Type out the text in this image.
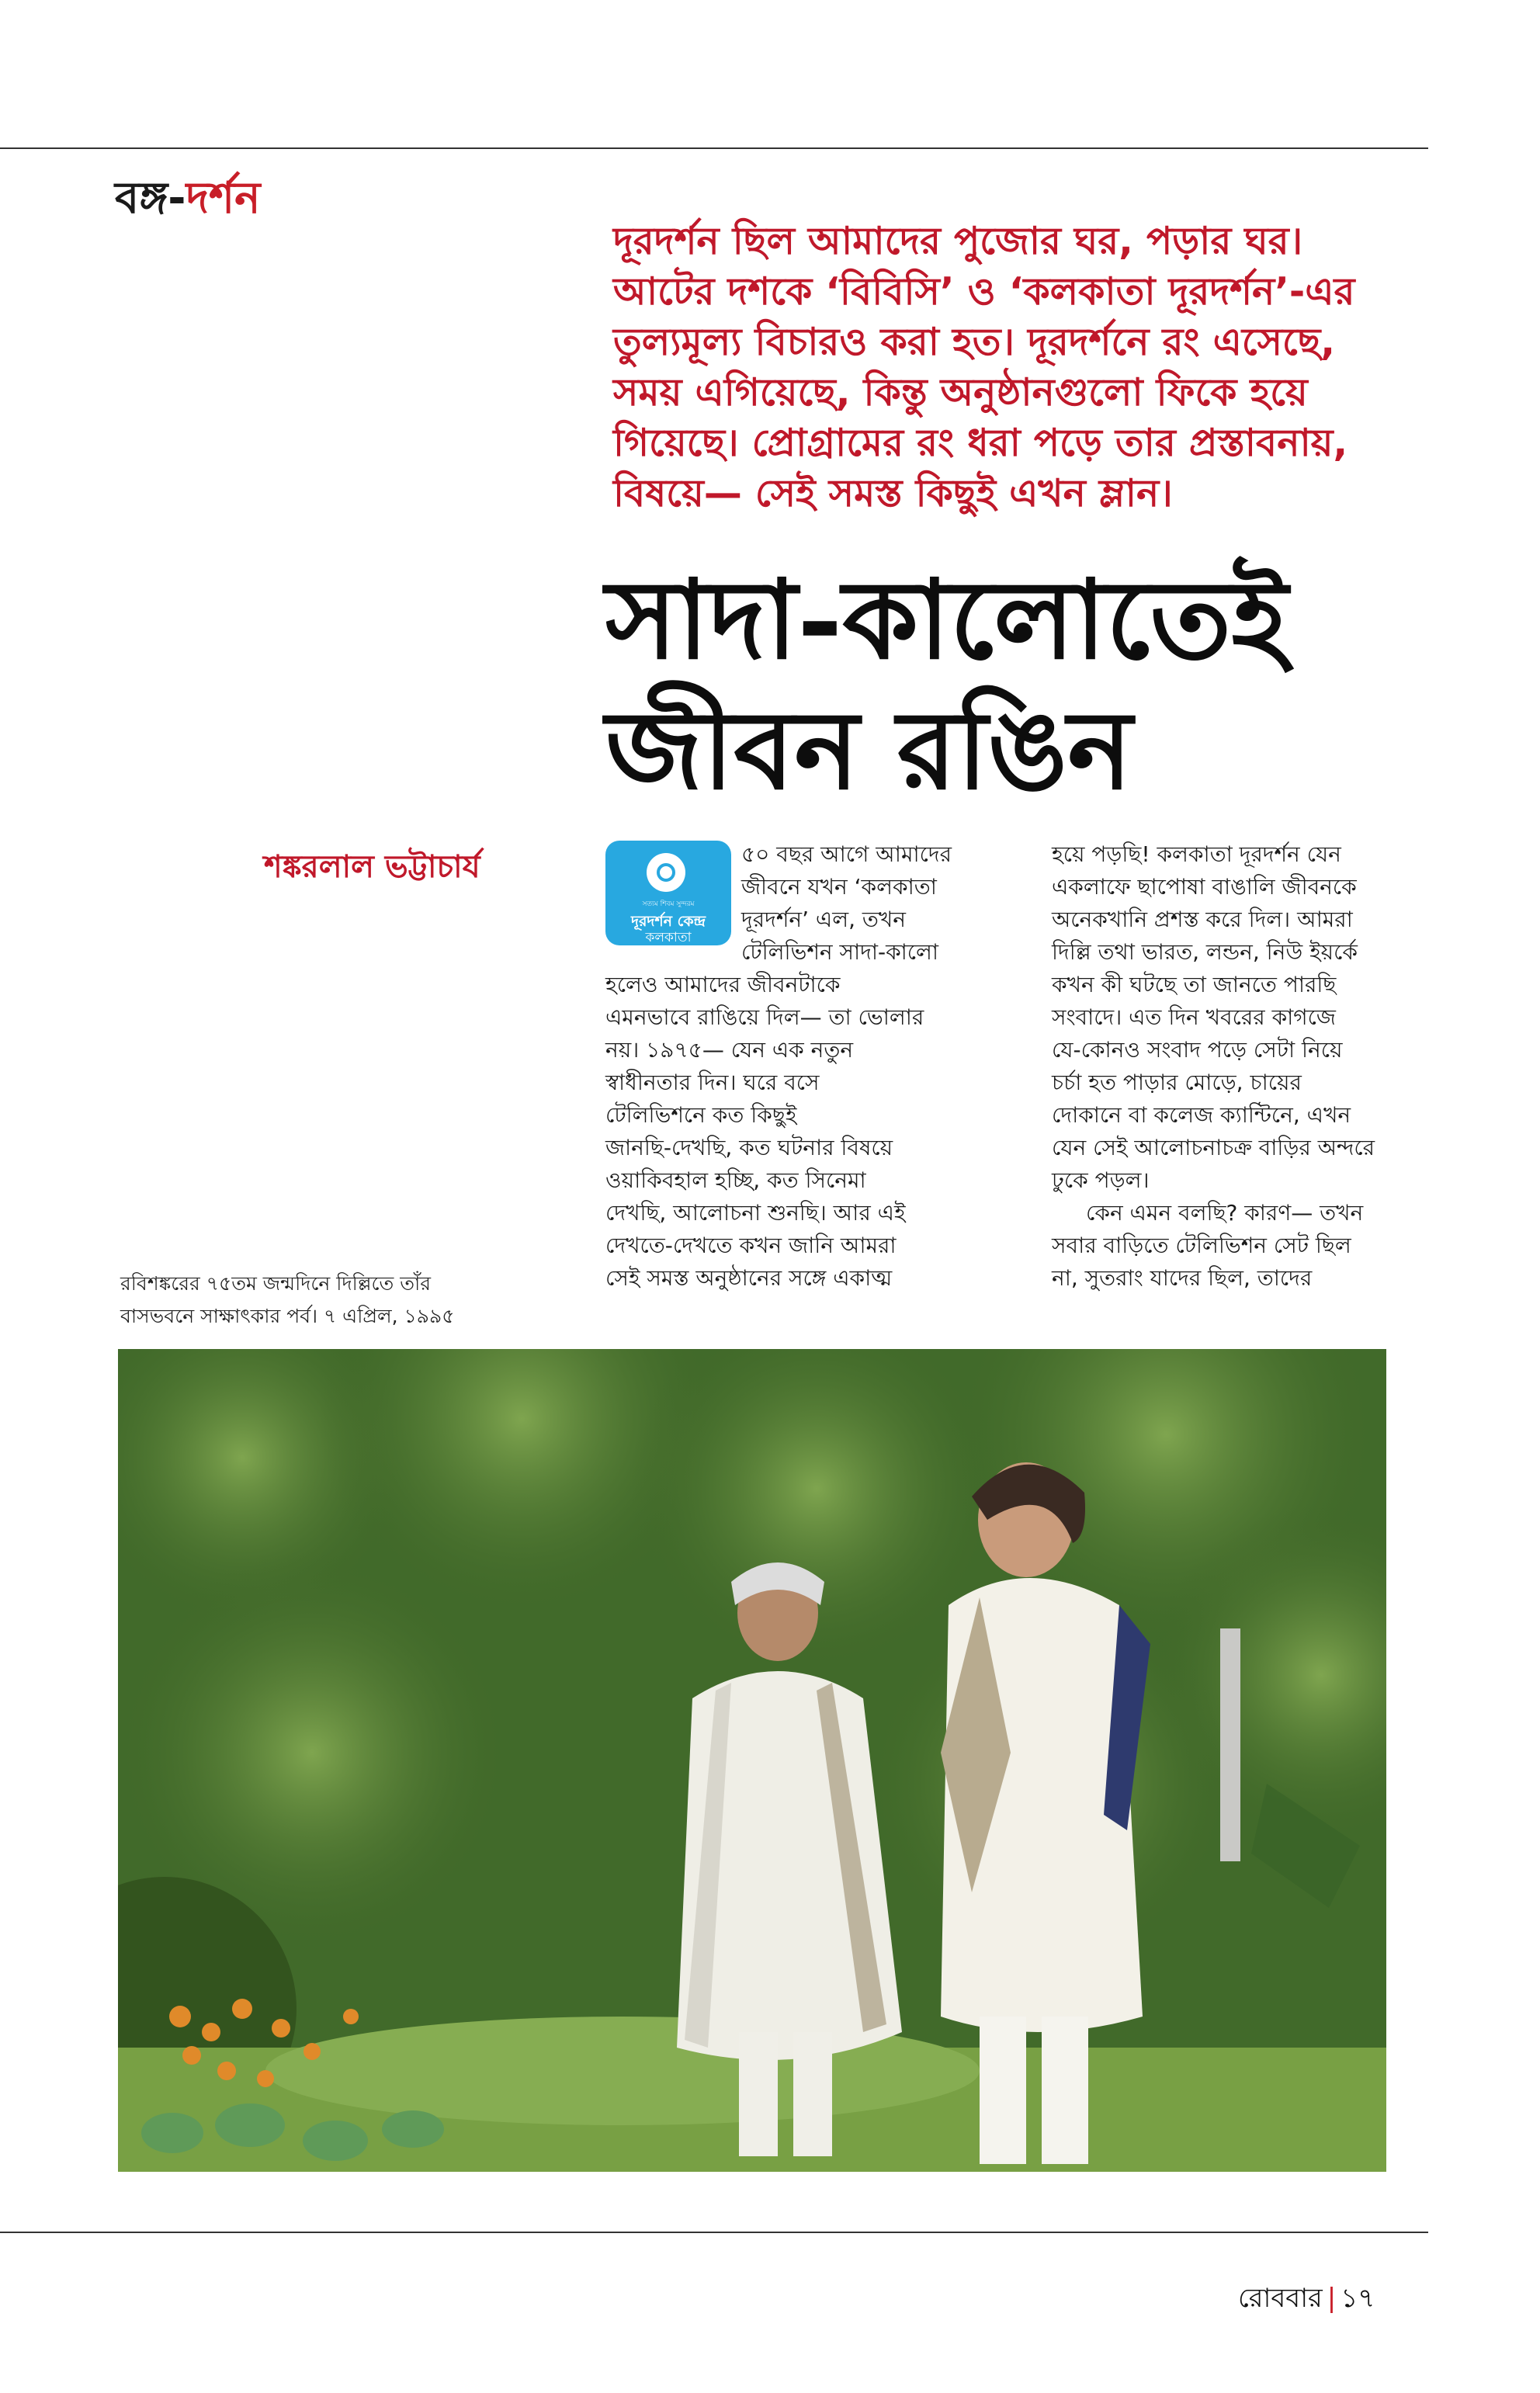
বঙ্গ-দর্শন
দূরদর্শন ছিল আমাদের পুজোর ঘর, পড়ার ঘর। আটের দশকে ‘বিবিসি’ ও ‘কলকাতা দূরদর্শন’-এর তুল্যমূল্য বিচারও করা হত। দূরদর্শনে রং এসেছে, সময় এগিয়েছে, কিন্তু অনুষ্ঠানগুলো ফিকে হয়ে গিয়েছে। প্রোগ্রামের রং ধরা পড়ে তার প্রস্তাবনায়, বিষয়ে— সেই সমস্ত কিছুই এখন ম্লান।
সাদা-কালোতেই
জীবন রঙিন
শঙ্করলাল ভট্টাচার্য
সত্যম শিবম সুন্দরম
দূরদর্শন কেন্দ্র
কলকাতা
৫০ বছর আগে আমাদের
জীবনে যখন ‘কলকাতা
দূরদর্শন’ এল, তখন
টেলিভিশন সাদা-কালো
হলেও আমাদের জীবনটাকে
এমনভাবে রাঙিয়ে দিল— তা ভোলার
নয়। ১৯৭৫— যেন এক নতুন
স্বাধীনতার দিন। ঘরে বসে
টেলিভিশনে কত কিছুই
জানছি-দেখছি, কত ঘটনার বিষয়ে
ওয়াকিবহাল হচ্ছি, কত সিনেমা
দেখছি, আলোচনা শুনছি। আর এই
দেখতে-দেখতে কখন জানি আমরা
সেই সমস্ত অনুষ্ঠানের সঙ্গে একাত্ম
হয়ে পড়ছি! কলকাতা দূরদর্শন যেন
একলাফে ছাপোষা বাঙালি জীবনকে
অনেকখানি প্রশস্ত করে দিল। আমরা
দিল্লি তথা ভারত, লন্ডন, নিউ ইয়র্কে
কখন কী ঘটছে তা জানতে পারছি
সংবাদে। এত দিন খবরের কাগজে
যে-কোনও সংবাদ পড়ে সেটা নিয়ে
চর্চা হত পাড়ার মোড়ে, চায়ের
দোকানে বা কলেজ ক্যান্টিনে, এখন
যেন সেই আলোচনাচক্র বাড়ির অন্দরে
ঢুকে পড়ল।
কেন এমন বলছি? কারণ— তখন
সবার বাড়িতে টেলিভিশন সেট ছিল
না, সুতরাং যাদের ছিল, তাদের
রবিশঙ্করের ৭৫তম জন্মদিনে দিল্লিতে তাঁর
বাসভবনে সাক্ষাৎকার পর্ব। ৭ এপ্রিল, ১৯৯৫
রোববার | ১৭
